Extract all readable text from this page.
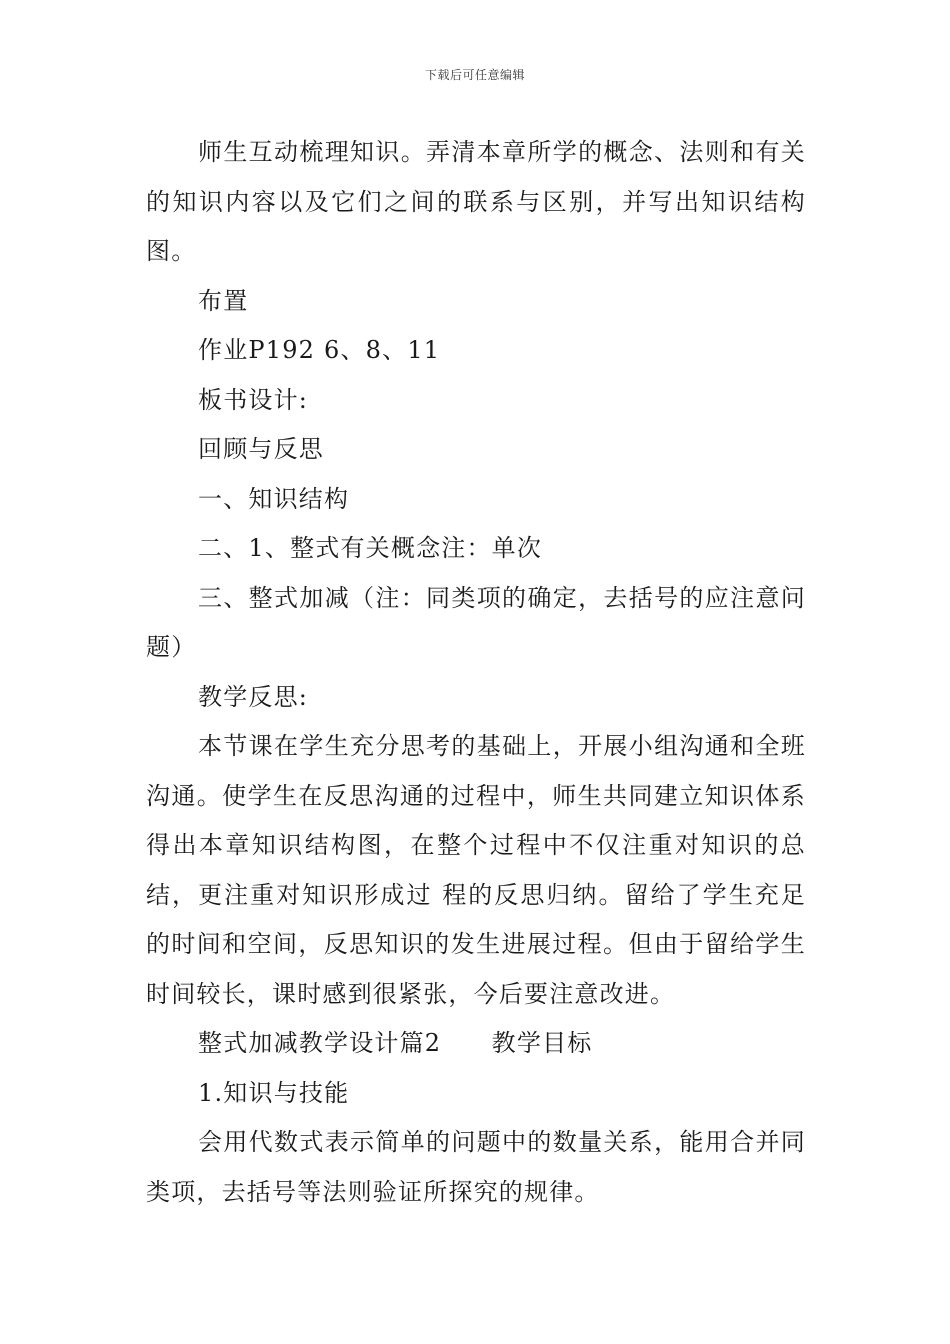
下载后可任意编辑

师生互动梳理知识。弄清本章所学的概念、法则和有关的知识内容以及它们之间的联系与区别，并写出知识结构图。

布置

作业P192 6、8、11

板书设计:

回顾与反思

一、知识结构

二、1、整式有关概念注：单次

三、整式加减（注：同类项的确定，去括号的应注意问题）

教学反思:

本节课在学生充分思考的基础上，开展小组沟通和全班沟通。使学生在反思沟通的过程中，师生共同建立知识体系得出本章知识结构图，在整个过程中不仅注重对知识的总结，更注重对知识形成过 程的反思归纳。留给了学生充足的时间和空间，反思知识的发生进展过程。但由于留给学生时间较长，课时感到很紧张，今后要注意改进。

整式加减教学设计篇2　　教学目标

1.知识与技能

会用代数式表示简单的问题中的数量关系，能用合并同类项，去括号等法则验证所探究的规律。
